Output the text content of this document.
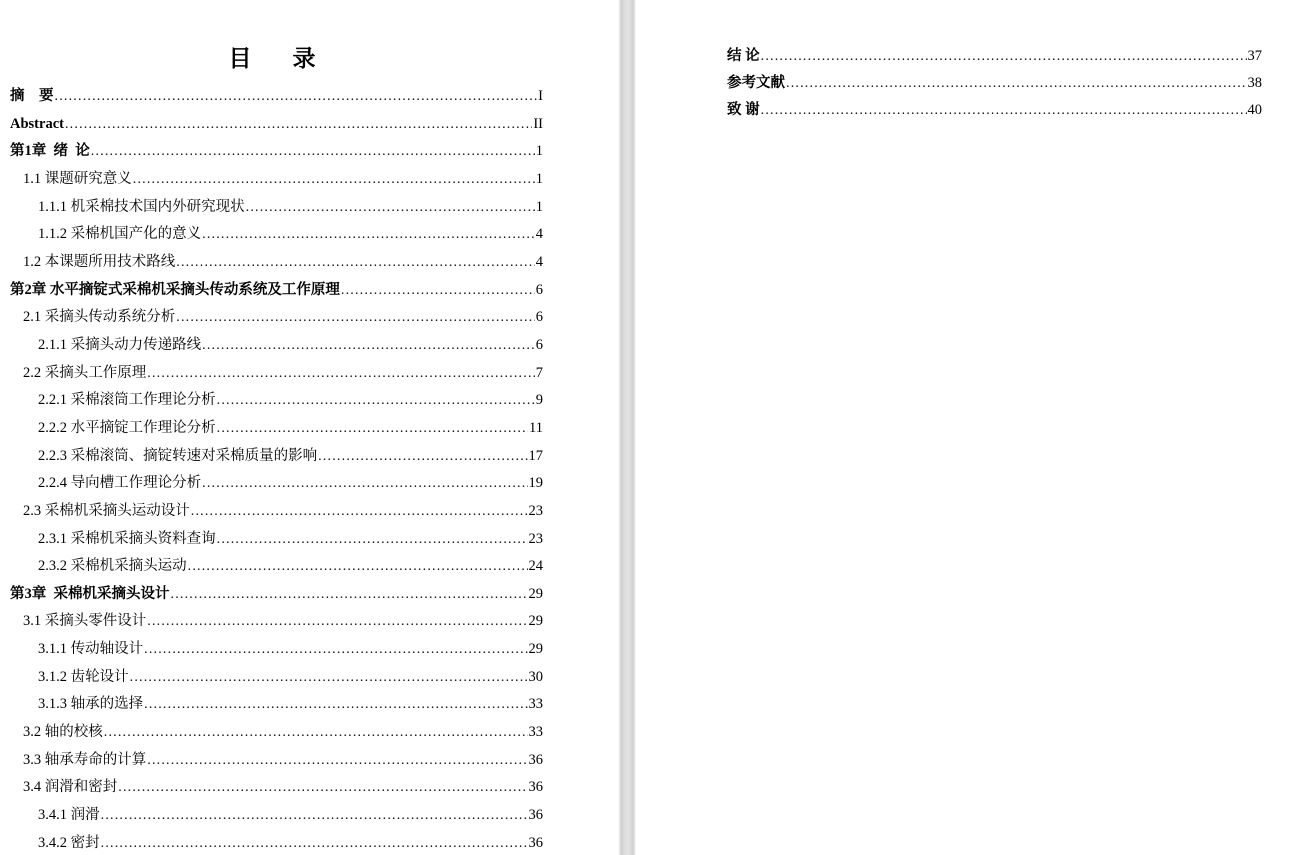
目　录
摘　要 .....	I
Abstract .....	II
第1章  绪  论 .....	1
1.1 课题研究意义 .....	1
1.1.1 机采棉技术国内外研究现状 .....	1
1.1.2 采棉机国产化的意义 .....	4
1.2 本课题所用技术路线 .....	4
第2章 水平摘锭式采棉机采摘头传动系统及工作原理 .....	6
2.1 采摘头传动系统分析 .....	6
2.1.1 采摘头动力传递路线 .....	6
2.2 采摘头工作原理 .....	7
2.2.1 采棉滚筒工作理论分析 .....	9
2.2.2 水平摘锭工作理论分析 .....	11
2.2.3 采棉滚筒、摘锭转速对采棉质量的影响 .....	17
2.2.4 导向槽工作理论分析 .....	19
2.3 采棉机采摘头运动设计 .....	23
2.3.1 采棉机采摘头资料查询 .....	23
2.3.2 采棉机采摘头运动 .....	24
第3章  采棉机采摘头设计 .....	29
3.1 采摘头零件设计 .....	29
3.1.1 传动轴设计 .....	29
3.1.2 齿轮设计 .....	30
3.1.3 轴承的选择 .....	33
3.2 轴的校核 .....	33
3.3 轴承寿命的计算 .....	36
3.4 润滑和密封 .....	36
3.4.1 润滑 .....	36
3.4.2 密封 .....	36
结 论 .....	37
参考文献 .....	38
致 谢 .....	40
